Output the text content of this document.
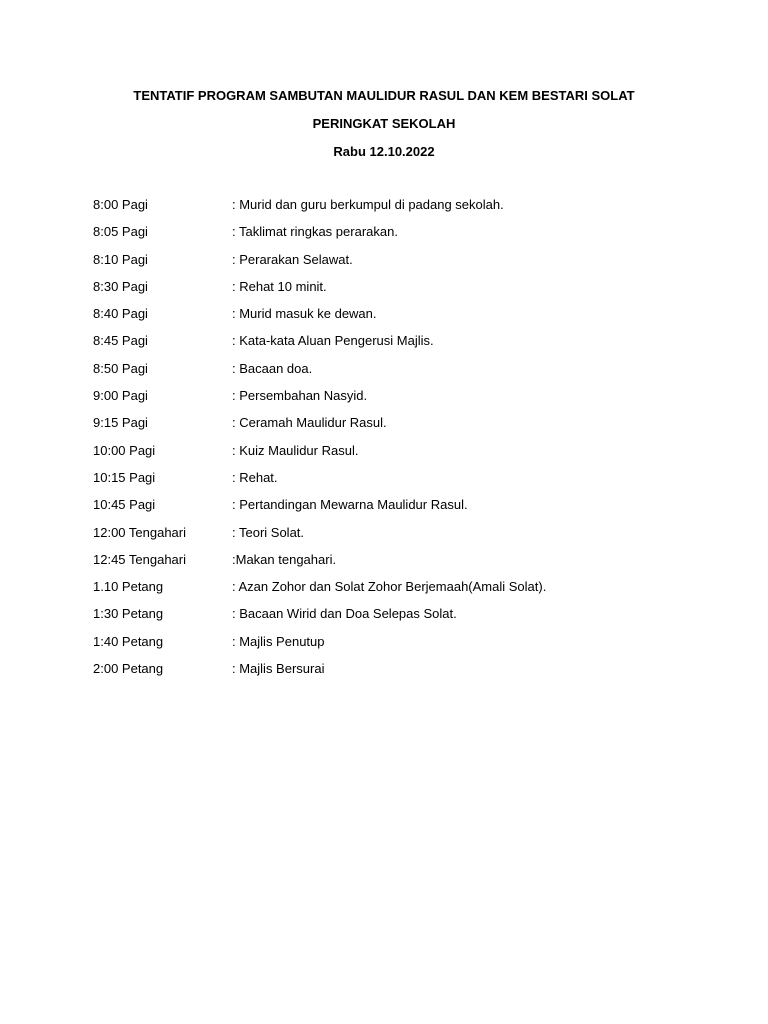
TENTATIF PROGRAM SAMBUTAN MAULIDUR RASUL DAN KEM BESTARI SOLAT
PERINGKAT SEKOLAH
Rabu 12.10.2022
8:00 Pagi	: Murid dan guru berkumpul di padang sekolah.
8:05 Pagi	: Taklimat ringkas perarakan.
8:10 Pagi	: Perarakan Selawat.
8:30 Pagi	: Rehat 10 minit.
8:40 Pagi	: Murid masuk ke dewan.
8:45 Pagi	: Kata-kata Aluan Pengerusi Majlis.
8:50 Pagi	: Bacaan doa.
9:00 Pagi	: Persembahan Nasyid.
9:15 Pagi	: Ceramah Maulidur Rasul.
10:00 Pagi	: Kuiz Maulidur Rasul.
10:15 Pagi	: Rehat.
10:45 Pagi	: Pertandingan Mewarna Maulidur Rasul.
12:00 Tengahari	: Teori Solat.
12:45 Tengahari	:Makan tengahari.
1.10 Petang	: Azan Zohor dan Solat Zohor Berjemaah(Amali Solat).
1:30 Petang	: Bacaan Wirid dan Doa Selepas Solat.
1:40 Petang	: Majlis Penutup
2:00 Petang	: Majlis Bersurai
